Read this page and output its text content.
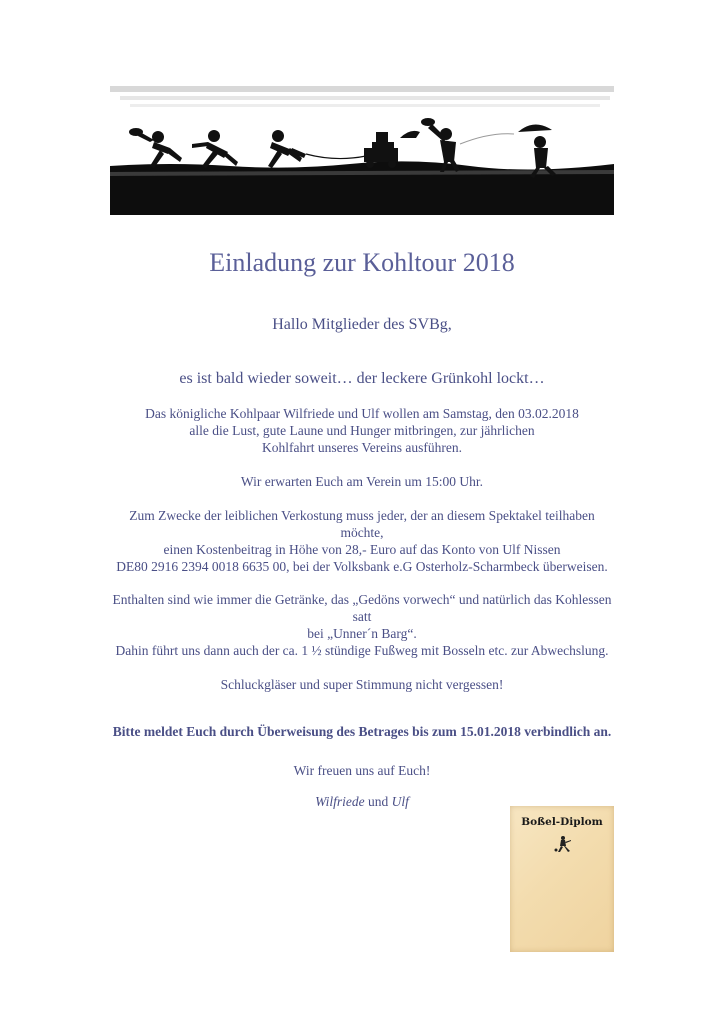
Einladung zur Kohltour 2018
Hallo Mitglieder des SVBg,
es ist bald wieder soweit… der leckere Grünkohl lockt…
Das königliche Kohlpaar Wilfriede und Ulf wollen am Samstag, den 03.02.2018
alle die Lust, gute Laune und Hunger mitbringen, zur jährlichen
Kohlfahrt unseres Vereins ausführen.
Wir erwarten Euch am Verein um 15:00 Uhr.
Zum Zwecke der leiblichen Verkostung muss jeder, der an diesem Spektakel teilhaben
möchte,
einen Kostenbeitrag in Höhe von 28,- Euro auf das Konto von Ulf Nissen
DE80 2916 2394 0018 6635 00, bei der Volksbank e.G Osterholz-Scharmbeck überweisen.
Enthalten sind wie immer die Getränke, das „Gedöns vorwech“ und natürlich das Kohlessen
satt
bei „Unner´n Barg“.
Dahin führt uns dann auch der ca. 1 ½ stündige Fußweg mit Bosseln etc. zur Abwechslung.
Schluckgläser und super Stimmung nicht vergessen!
Bitte meldet Euch durch Überweisung des Betrages bis zum 15.01.2018 verbindlich an.
Wir freuen uns auf Euch!
Wilfriede und Ulf
Boßel-Diplom
